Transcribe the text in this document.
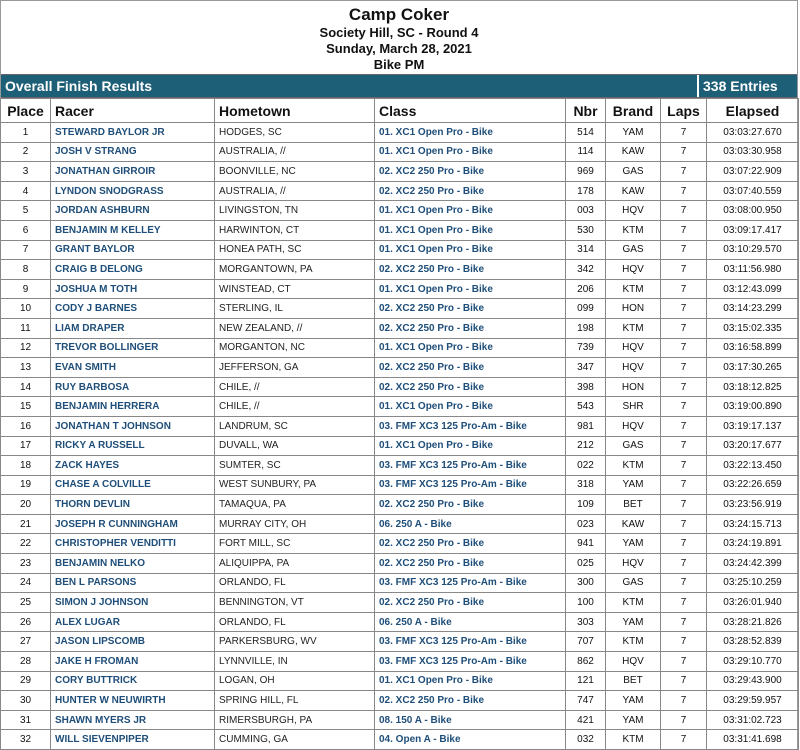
Camp Coker
Society Hill, SC - Round 4
Sunday, March 28, 2021
Bike PM
Overall Finish Results	338 Entries
Place	Racer	Hometown	Class	Nbr	Brand	Laps	Elapsed
1	STEWARD BAYLOR JR	HODGES, SC	01. XC1 Open Pro - Bike	514	YAM	7	03:03:27.670
2	JOSH V STRANG	AUSTRALIA, //	01. XC1 Open Pro - Bike	114	KAW	7	03:03:30.958
3	JONATHAN GIRROIR	BOONVILLE, NC	02. XC2 250 Pro - Bike	969	GAS	7	03:07:22.909
4	LYNDON SNODGRASS	AUSTRALIA, //	02. XC2 250 Pro - Bike	178	KAW	7	03:07:40.559
5	JORDAN ASHBURN	LIVINGSTON, TN	01. XC1 Open Pro - Bike	003	HQV	7	03:08:00.950
6	BENJAMIN M KELLEY	HARWINTON, CT	01. XC1 Open Pro - Bike	530	KTM	7	03:09:17.417
7	GRANT BAYLOR	HONEA PATH, SC	01. XC1 Open Pro - Bike	314	GAS	7	03:10:29.570
8	CRAIG B DELONG	MORGANTOWN, PA	02. XC2 250 Pro - Bike	342	HQV	7	03:11:56.980
9	JOSHUA M TOTH	WINSTEAD, CT	01. XC1 Open Pro - Bike	206	KTM	7	03:12:43.099
10	CODY J BARNES	STERLING, IL	02. XC2 250 Pro - Bike	099	HON	7	03:14:23.299
11	LIAM DRAPER	NEW ZEALAND, //	02. XC2 250 Pro - Bike	198	KTM	7	03:15:02.335
12	TREVOR BOLLINGER	MORGANTON, NC	01. XC1 Open Pro - Bike	739	HQV	7	03:16:58.899
13	EVAN SMITH	JEFFERSON, GA	02. XC2 250 Pro - Bike	347	HQV	7	03:17:30.265
14	RUY BARBOSA	CHILE, //	02. XC2 250 Pro - Bike	398	HON	7	03:18:12.825
15	BENJAMIN HERRERA	CHILE, //	01. XC1 Open Pro - Bike	543	SHR	7	03:19:00.890
16	JONATHAN T JOHNSON	LANDRUM, SC	03. FMF XC3 125 Pro-Am - Bike	981	HQV	7	03:19:17.137
17	RICKY A RUSSELL	DUVALL, WA	01. XC1 Open Pro - Bike	212	GAS	7	03:20:17.677
18	ZACK HAYES	SUMTER, SC	03. FMF XC3 125 Pro-Am - Bike	022	KTM	7	03:22:13.450
19	CHASE A COLVILLE	WEST SUNBURY, PA	03. FMF XC3 125 Pro-Am - Bike	318	YAM	7	03:22:26.659
20	THORN DEVLIN	TAMAQUA, PA	02. XC2 250 Pro - Bike	109	BET	7	03:23:56.919
21	JOSEPH R CUNNINGHAM	MURRAY CITY, OH	06. 250 A - Bike	023	KAW	7	03:24:15.713
22	CHRISTOPHER VENDITTI	FORT MILL, SC	02. XC2 250 Pro - Bike	941	YAM	7	03:24:19.891
23	BENJAMIN NELKO	ALIQUIPPA, PA	02. XC2 250 Pro - Bike	025	HQV	7	03:24:42.399
24	BEN L PARSONS	ORLANDO, FL	03. FMF XC3 125 Pro-Am - Bike	300	GAS	7	03:25:10.259
25	SIMON J JOHNSON	BENNINGTON, VT	02. XC2 250 Pro - Bike	100	KTM	7	03:26:01.940
26	ALEX LUGAR	ORLANDO, FL	06. 250 A - Bike	303	YAM	7	03:28:21.826
27	JASON LIPSCOMB	PARKERSBURG, WV	03. FMF XC3 125 Pro-Am - Bike	707	KTM	7	03:28:52.839
28	JAKE H FROMAN	LYNNVILLE, IN	03. FMF XC3 125 Pro-Am - Bike	862	HQV	7	03:29:10.770
29	CORY BUTTRICK	LOGAN, OH	01. XC1 Open Pro - Bike	121	BET	7	03:29:43.900
30	HUNTER W NEUWIRTH	SPRING HILL, FL	02. XC2 250 Pro - Bike	747	YAM	7	03:29:59.957
31	SHAWN MYERS JR	RIMERSBURGH, PA	08. 150 A - Bike	421	YAM	7	03:31:02.723
32	WILL SIEVENPIPER	CUMMING, GA	04. Open A - Bike	032	KTM	7	03:31:41.698
